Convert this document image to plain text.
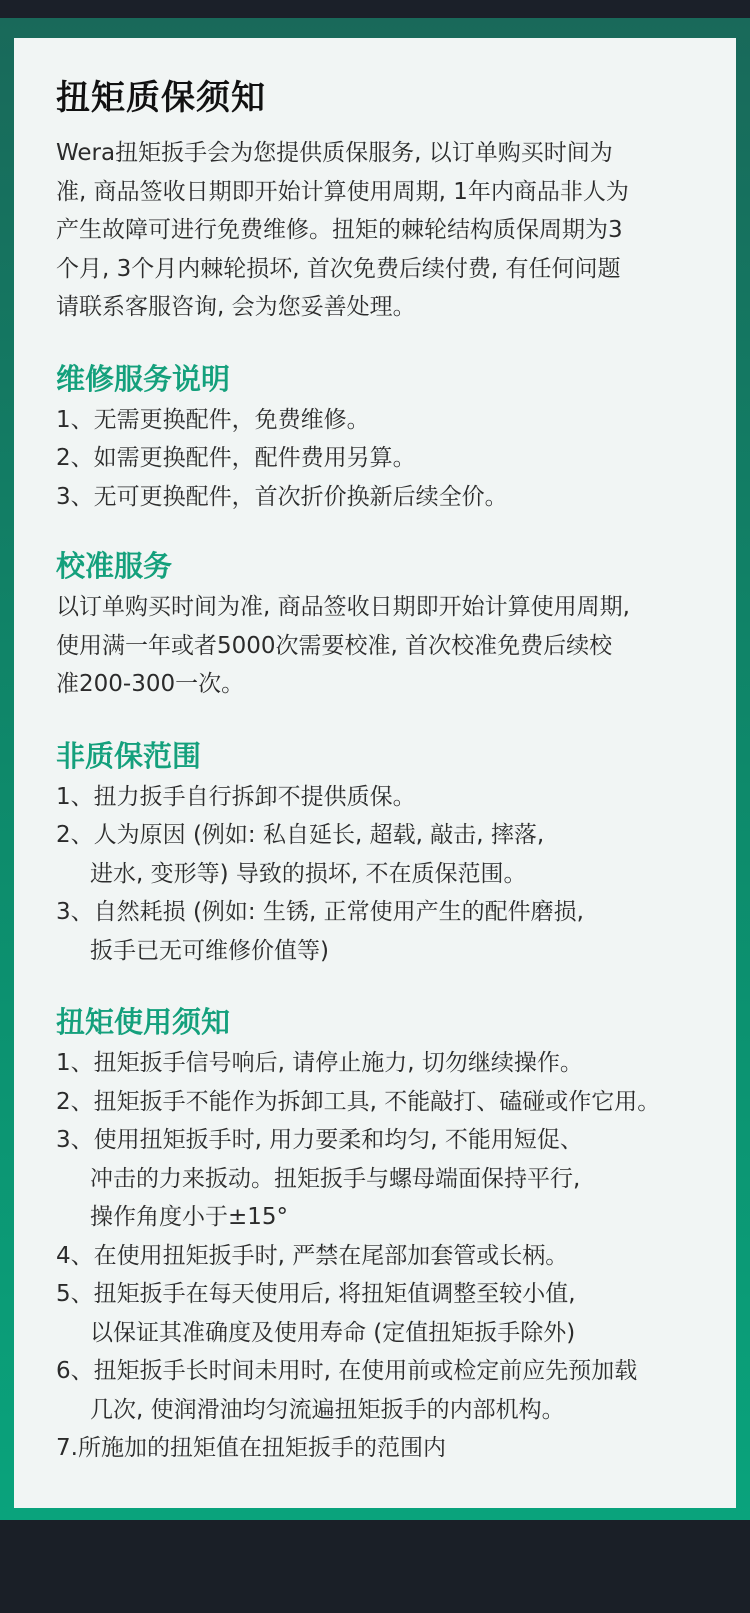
扭矩质保须知

Wera扭矩扳手会为您提供质保服务, 以订单购买时间为

准, 商品签收日期即开始计算使用周期, 1年内商品非人为

产生故障可进行免费维修。扭矩的棘轮结构质保周期为3

个月, 3个月内棘轮损坏, 首次免费后续付费, 有任何问题

请联系客服咨询, 会为您妥善处理。

维修服务说明
1、无需更换配件，免费维修。
2、如需更换配件，配件费用另算。
3、无可更换配件，首次折价换新后续全价。
校准服务

以订单购买时间为准, 商品签收日期即开始计算使用周期,

使用满一年或者5000次需要校准, 首次校准免费后续校

准200-300一次。

非质保范围
1、扭力扳手自行拆卸不提供质保。
2、人为原因 (例如: 私自延长, 超载, 敲击, 摔落,
进水, 变形等) 导致的损坏, 不在质保范围。
3、自然耗损 (例如: 生锈, 正常使用产生的配件磨损,
扳手已无可维修价值等)
扭矩使用须知
1、扭矩扳手信号响后, 请停止施力, 切勿继续操作。
2、扭矩扳手不能作为拆卸工具, 不能敲打、磕碰或作它用。
3、使用扭矩扳手时, 用力要柔和均匀, 不能用短促、
冲击的力来扳动。扭矩扳手与螺母端面保持平行,
操作角度小于±15°
4、在使用扭矩扳手时, 严禁在尾部加套管或长柄。
5、扭矩扳手在每天使用后, 将扭矩值调整至较小值,
以保证其准确度及使用寿命 (定值扭矩扳手除外)
6、扭矩扳手长时间未用时, 在使用前或检定前应先预加载
几次, 使润滑油均匀流遍扭矩扳手的内部机构。
7.所施加的扭矩值在扭矩扳手的范围内
